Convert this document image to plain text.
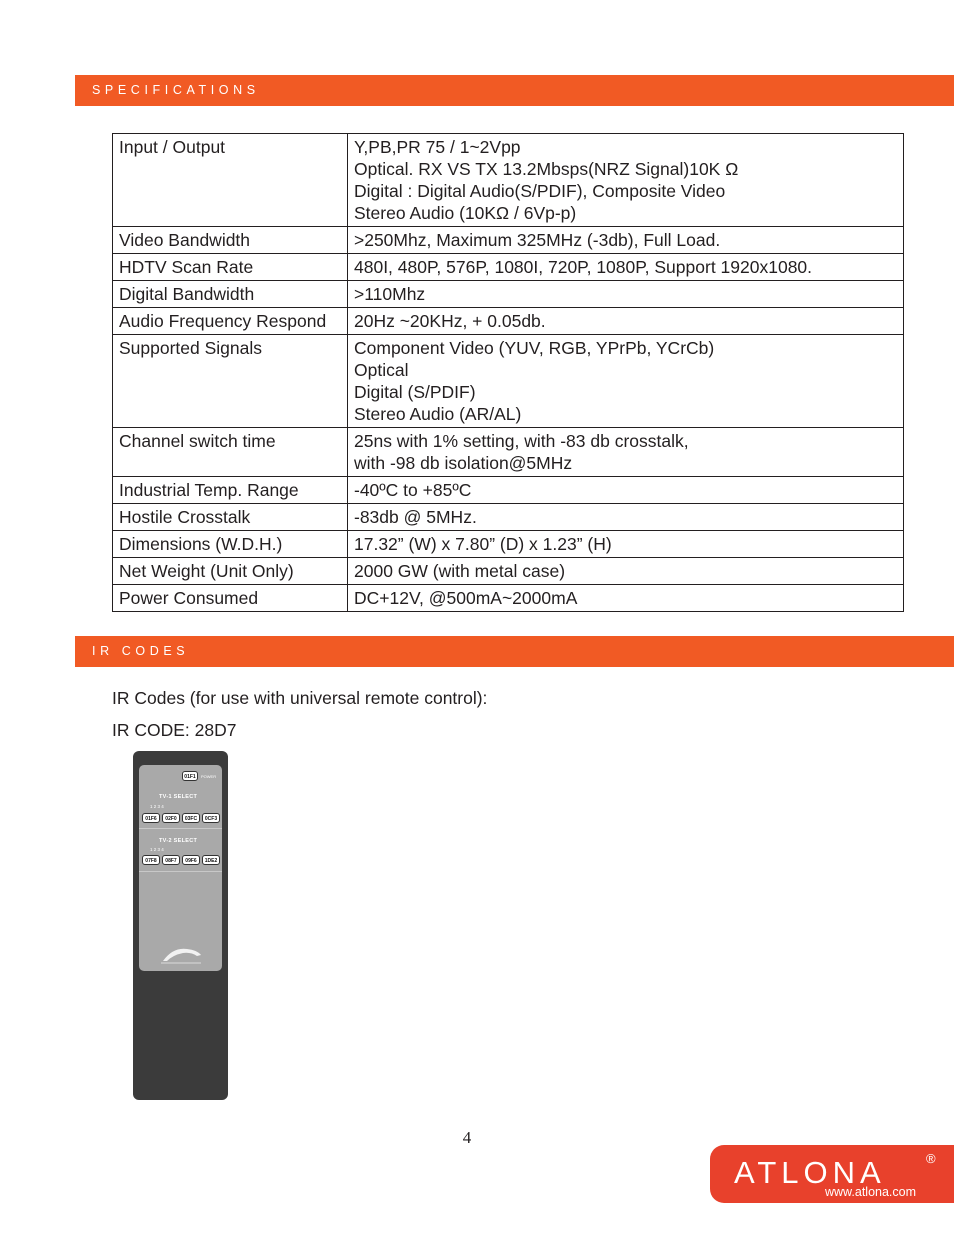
SPECIFICATIONS
Input / Output	Y,PB,PR 75 / 1~2Vpp
Optical. RX VS TX 13.2Mbsps(NRZ Signal)10K Ω
Digital : Digital Audio(S/PDIF), Composite Video
Stereo Audio (10KΩ / 6Vp-p)

Video Bandwidth	>250Mhz, Maximum 325MHz (-3db), Full Load.

HDTV Scan Rate	480I, 480P, 576P, 1080I, 720P, 1080P, Support 1920x1080.

Digital Bandwidth	>110Mhz

Audio Frequency Respond	20Hz ~20KHz, + 0.05db.

Supported Signals	Component Video (YUV, RGB, YPrPb, YCrCb)
Optical
Digital (S/PDIF)
Stereo Audio (AR/AL)

Channel switch time	25ns with 1% setting, with -83 db crosstalk,
with -98 db isolation@5MHz

Industrial Temp. Range	-40ºC to +85ºC

Hostile Crosstalk	-83db @ 5MHz.

Dimensions (W.D.H.)	17.32” (W) x 7.80” (D) x 1.23” (H)

Net Weight (Unit Only)	2000 GW (with metal case)

Power Consumed	DC+12V, @500mA~2000mA
IR CODES
IR Codes (for use with universal remote control):
IR CODE: 28D7
01F1	POWER
TV-1 SELECT
1 2 3 4
01F6	02F0	03FC	0CF3
TV-2 SELECT
1 2 3 4
07F8	08F7	09F6	1DE2
4
ATLONA	®
www.atlona.com
